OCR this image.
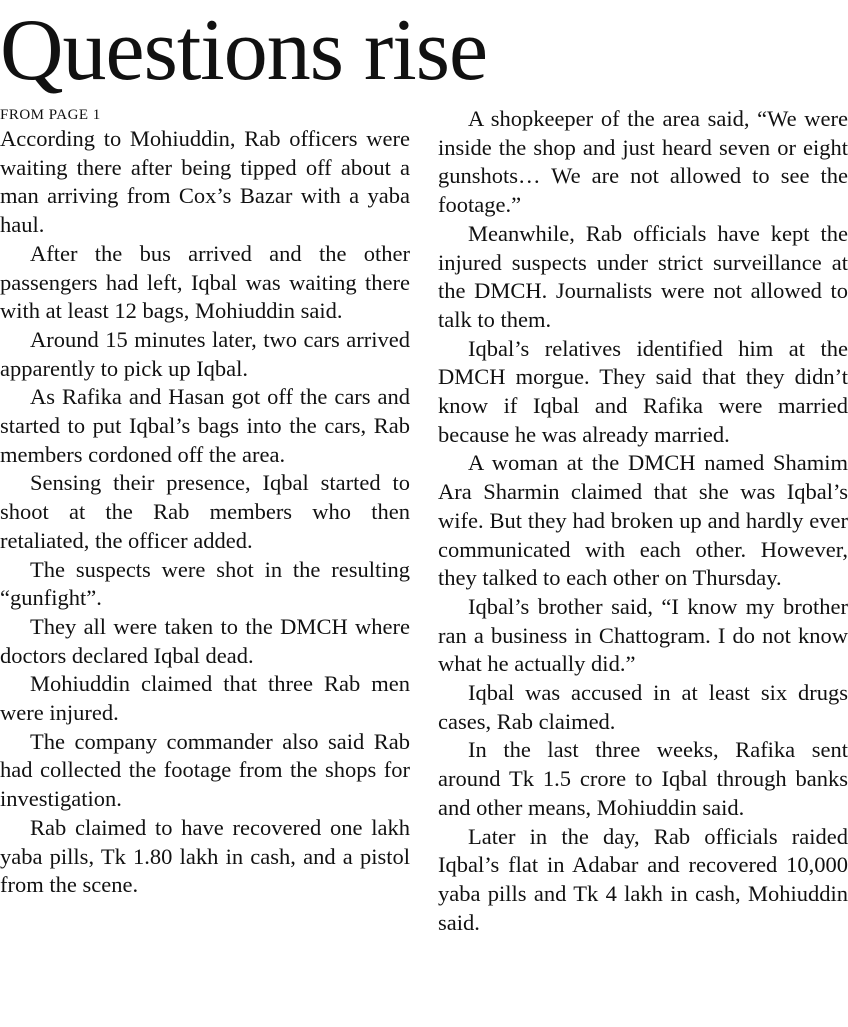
Questions rise
FROM PAGE 1

According to Mohiuddin, Rab officers were waiting there after being tipped off about a man arriving from Cox’s Bazar with a yaba haul.

After the bus arrived and the other passengers had left, Iqbal was waiting there with at least 12 bags, Mohiuddin said.

Around 15 minutes later, two cars arrived apparently to pick up Iqbal.

As Rafika and Hasan got off the cars and started to put Iqbal’s bags into the cars, Rab members cordoned off the area.

Sensing their presence, Iqbal started to shoot at the Rab members who then retaliated, the officer added.

The suspects were shot in the resulting “gunfight”.

They all were taken to the DMCH where doctors declared Iqbal dead.

Mohiuddin claimed that three Rab men were injured.

The company commander also said Rab had collected the footage from the shops for investigation.

Rab claimed to have recovered one lakh yaba pills, Tk 1.80 lakh in cash, and a pistol from the scene.

A shopkeeper of the area said, “We were inside the shop and just heard seven or eight gunshots… We are not allowed to see the footage.”

Meanwhile, Rab officials have kept the injured suspects under strict surveillance at the DMCH. Journalists were not allowed to talk to them.

Iqbal’s relatives identified him at the DMCH morgue. They said that they didn’t know if Iqbal and Rafika were married because he was already married.

A woman at the DMCH named Shamim Ara Sharmin claimed that she was Iqbal’s wife. But they had broken up and hardly ever communicated with each other. However, they talked to each other on Thursday.

Iqbal’s brother said, “I know my brother ran a business in Chattogram. I do not know what he actually did.”

Iqbal was accused in at least six drugs cases, Rab claimed.

In the last three weeks, Rafika sent around Tk 1.5 crore to Iqbal through banks and other means, Mohiuddin said.

Later in the day, Rab officials raided Iqbal’s flat in Adabar and recovered 10,000 yaba pills and Tk 4 lakh in cash, Mohiuddin said.
